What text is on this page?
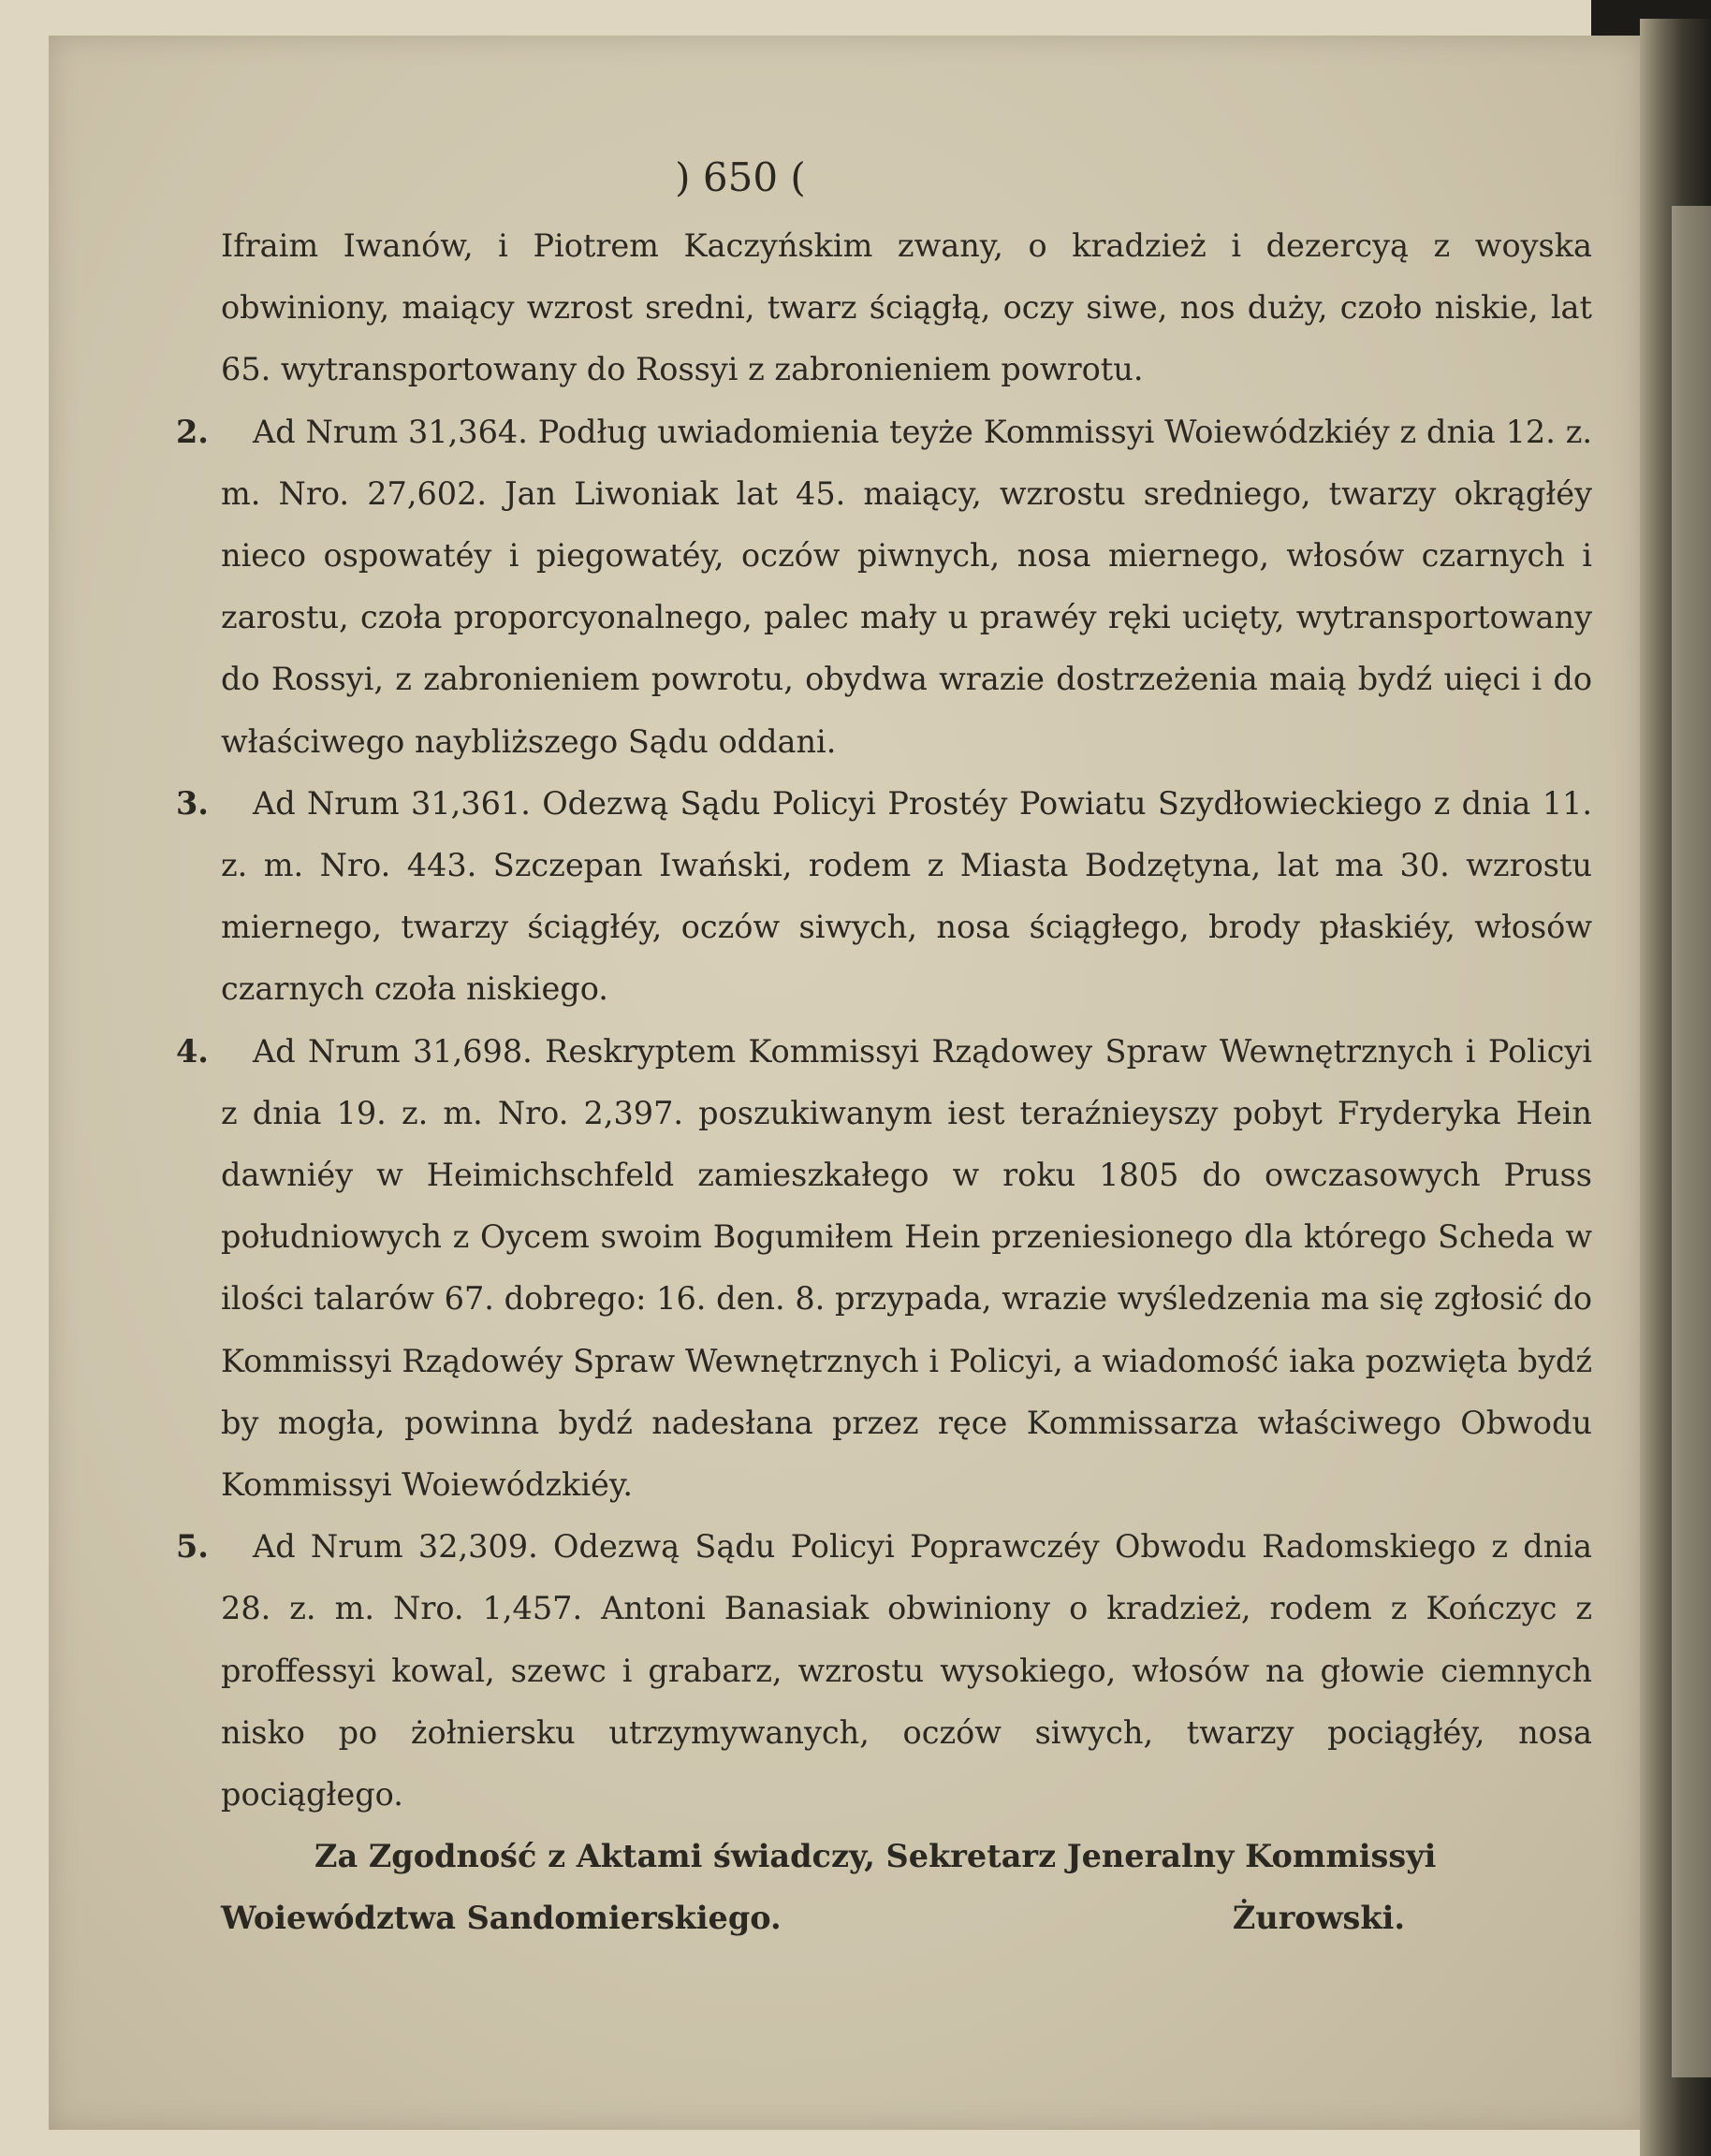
) 650 (
Ifraim Iwanów, i Piotrem Kaczyńskim zwany, o kradzież i dezercyą z woyska obwiniony, maiący wzrost sredni, twarz ściągłą, oczy siwe, nos duży, czoło niskie, lat 65. wytransportowany do Rossyi z zabronieniem powrotu.
2.	Ad Nrum 31,364. Podług uwiadomienia teyże Kommissyi Woiewódzkiéy z dnia 12. z. m. Nro. 27,602. Jan Liwoniak lat 45. maiący, wzrostu sredniego, twarzy okrągłéy nieco ospowatéy i piegowatéy, oczów piwnych, nosa miernego, włosów czarnych i zarostu, czoła proporcyonalnego, palec mały u prawéy ręki ucięty, wytransportowany do Rossyi, z zabronieniem powrotu, obydwa wrazie dostrzeżenia maią bydź uięci i do właściwego naybliższego Sądu oddani.
3.	Ad Nrum 31,361. Odezwą Sądu Policyi Prostéy Powiatu Szydłowieckiego z dnia 11. z. m. Nro. 443. Szczepan Iwański, rodem z Miasta Bodzętyna, lat ma 30. wzrostu miernego, twarzy ściągłéy, oczów siwych, nosa ściągłego, brody płaskiéy, włosów czarnych czoła niskiego.
4.	Ad Nrum 31,698. Reskryptem Kommissyi Rządowey Spraw Wewnętrznych i Policyi z dnia 19. z. m. Nro. 2,397. poszukiwanym iest teraźnieyszy pobyt Fryderyka Hein dawniéy w Heimichschfeld zamieszkałego w roku 1805 do owczasowych Pruss południowych z Oycem swoim Bogumiłem Hein przeniesionego dla którego Scheda w ilości talarów 67. dobrego: 16. den. 8. przypada, wrazie wyśledzenia ma się zgłosić do Kommissyi Rządowéy Spraw Wewnętrznych i Policyi, a wiadomość iaka pozwięta bydź by mogła, powinna bydź nadesłana przez ręce Kommissarza właściwego Obwodu Kommissyi Woiewódzkiéy.
5.	Ad Nrum 32,309. Odezwą Sądu Policyi Poprawczéy Obwodu Radomskiego z dnia 28. z. m. Nro. 1,457. Antoni Banasiak obwiniony o kradzież, rodem z Kończyc z proffessyi kowal, szewc i grabarz, wzrostu wysokiego, włosów na głowie ciemnych nisko po żołniersku utrzymywanych, oczów siwych, twarzy pociągłéy, nosa pociągłego.
Za Zgodność z Aktami świadczy, Sekretarz Jeneralny Kommissyi
Woiewództwa Sandomierskiego.	Żurowski.
